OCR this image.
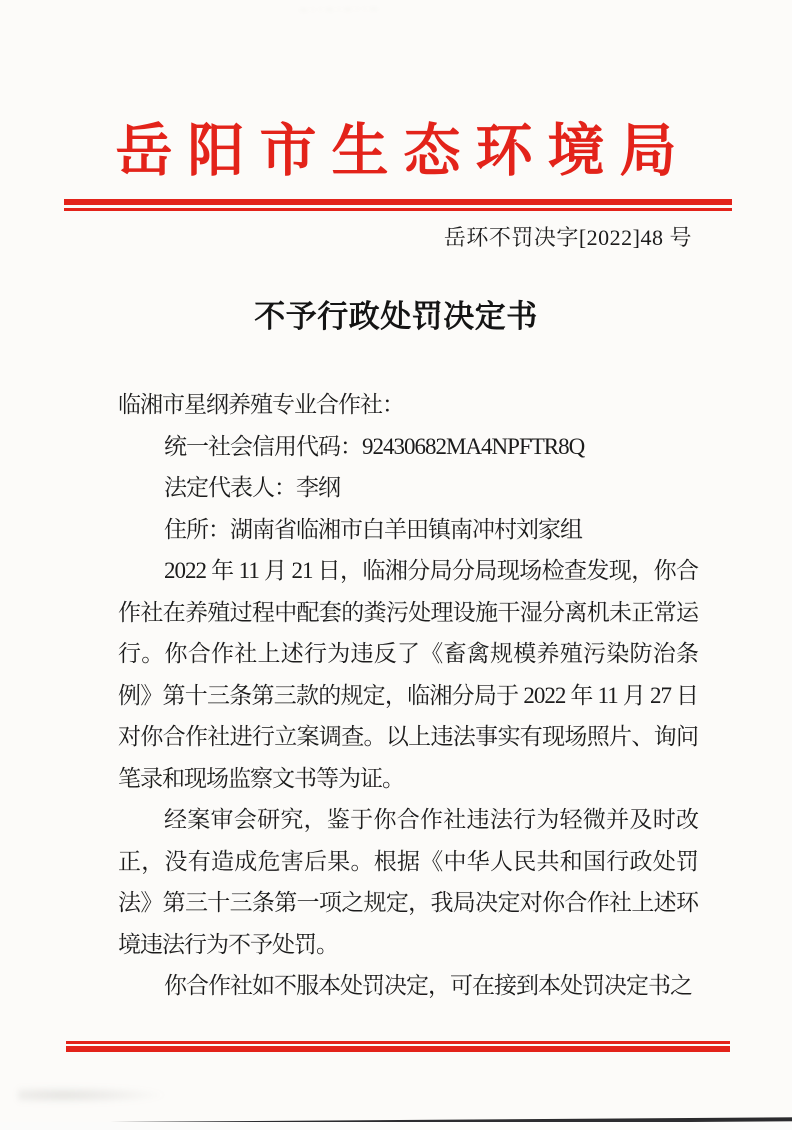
~··~·~··~
岳阳市生态环境局
岳环不罚决字[2022]48 号
不予行政处罚决定书

临湘市星纲养殖专业合作社：

统一社会信用代码：92430682MA4NPFTR8Q

法定代表人：李纲

住所：湖南省临湘市白羊田镇南冲村刘家组

2022 年 11 月 21 日，临湘分局分局现场检查发现，你合作社在养殖过程中配套的粪污处理设施干湿分离机未正常运行。你合作社上述行为违反了《畜禽规模养殖污染防治条例》第十三条第三款的规定，临湘分局于 2022 年 11 月 27 日对你合作社进行立案调查。以上违法事实有现场照片、询问笔录和现场监察文书等为证。

经案审会研究，鉴于你合作社违法行为轻微并及时改正，没有造成危害后果。根据《中华人民共和国行政处罚法》第三十三条第一项之规定，我局决定对你合作社上述环境违法行为不予处罚。

你合作社如不服本处罚决定，可在接到本处罚决定书之
